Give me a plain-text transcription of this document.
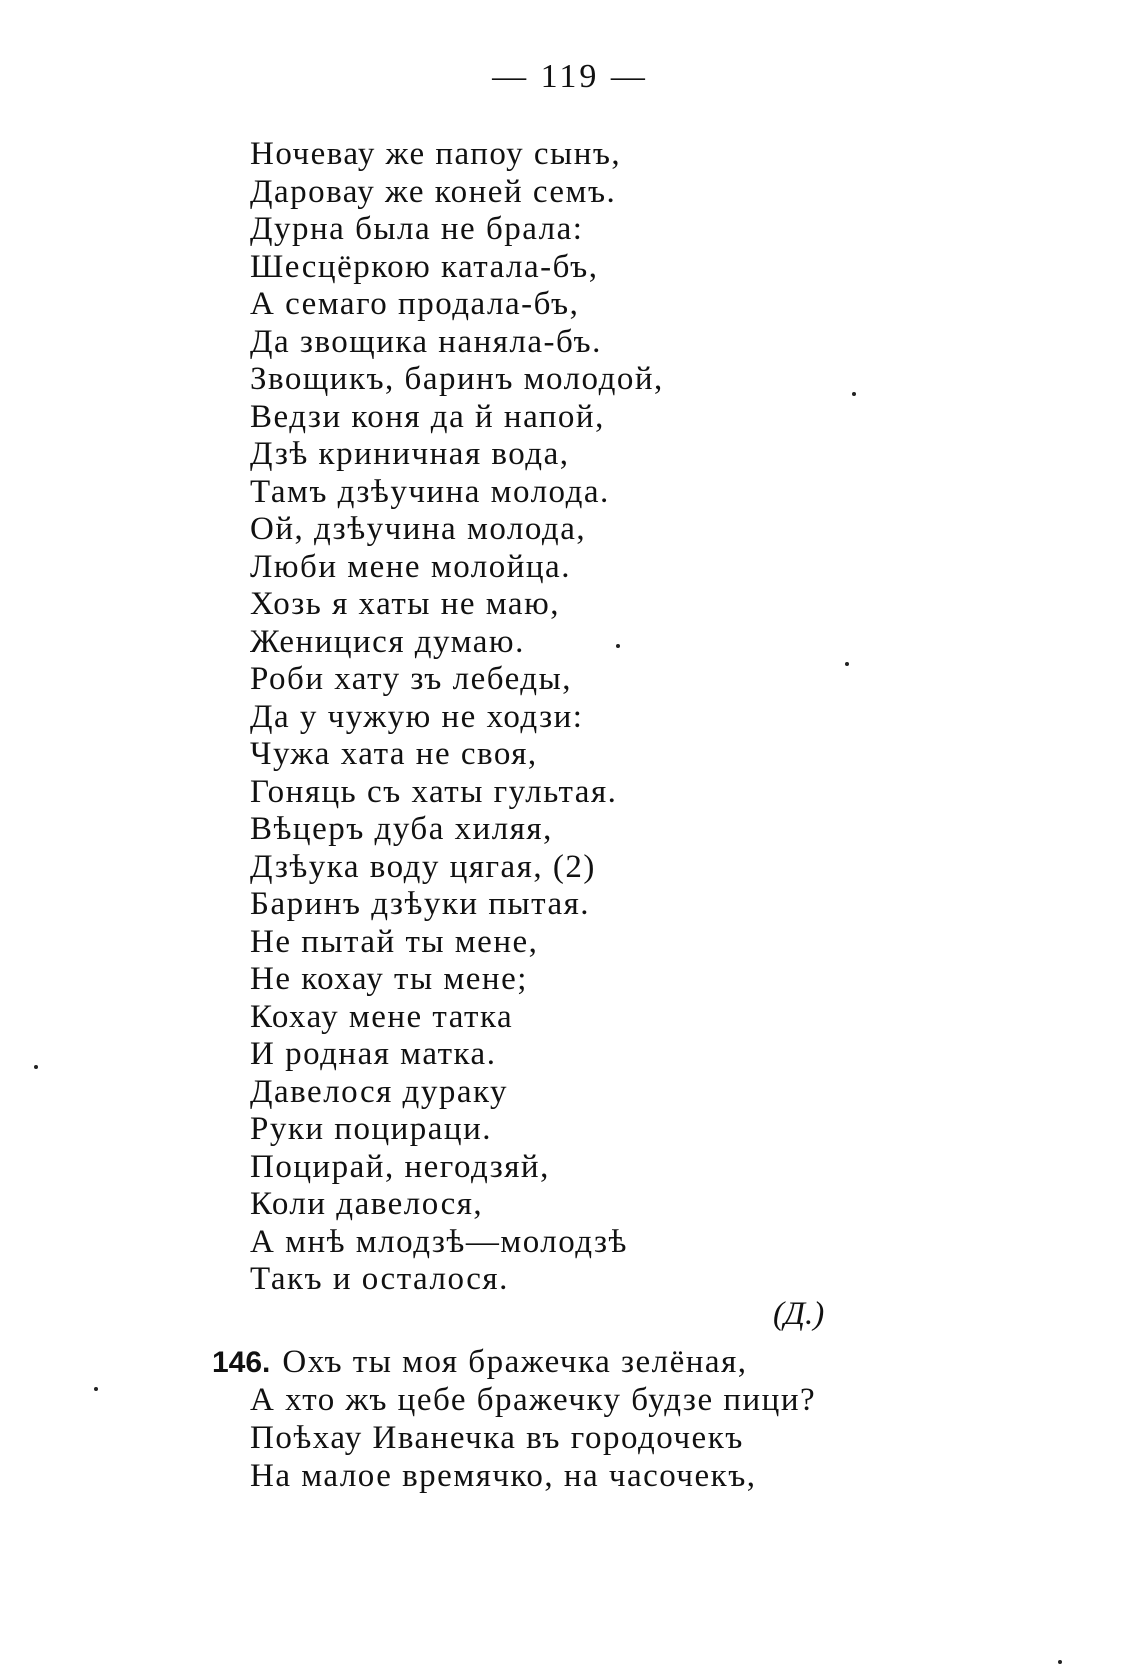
— 119 —
Ночевау же папоу сынъ,
Даровау же коней семъ.
Дурна была не брала:
Шесцёркою катала-бъ,
А семаго продала-бъ,
Да звощика наняла-бъ.
Звощикъ, баринъ молодой,
Ведзи коня да й напой,
Дзѣ криничная вода,
Тамъ дзѣучина молода.
Ой, дзѣучина молода,
Люби мене молойца.
Хозь я хаты не маю,
Женицися думаю.
Роби хату зъ лебеды,
Да у чужую не ходзи:
Чужа хата не своя,
Гоняць съ хаты гультая.
Вѣцеръ дуба хиляя,
Дзѣука воду цягая, (2)
Баринъ дзѣуки пытая.
Не пытай ты мене,
Не кохау ты мене;
Кохау мене татка
И родная матка.
Давелося дураку
Руки поцираци.
Поцирай, негодзяй,
Коли давелося,
А мнѣ млодзѣ—молодзѣ
Такъ и осталося.
(Д.)
146. Охъ ты моя бражечка зелёная,
А хто жъ цебе бражечку будзе пици?
Поѣхау Иванечка въ городочекъ
На малое времячко, на часочекъ,
